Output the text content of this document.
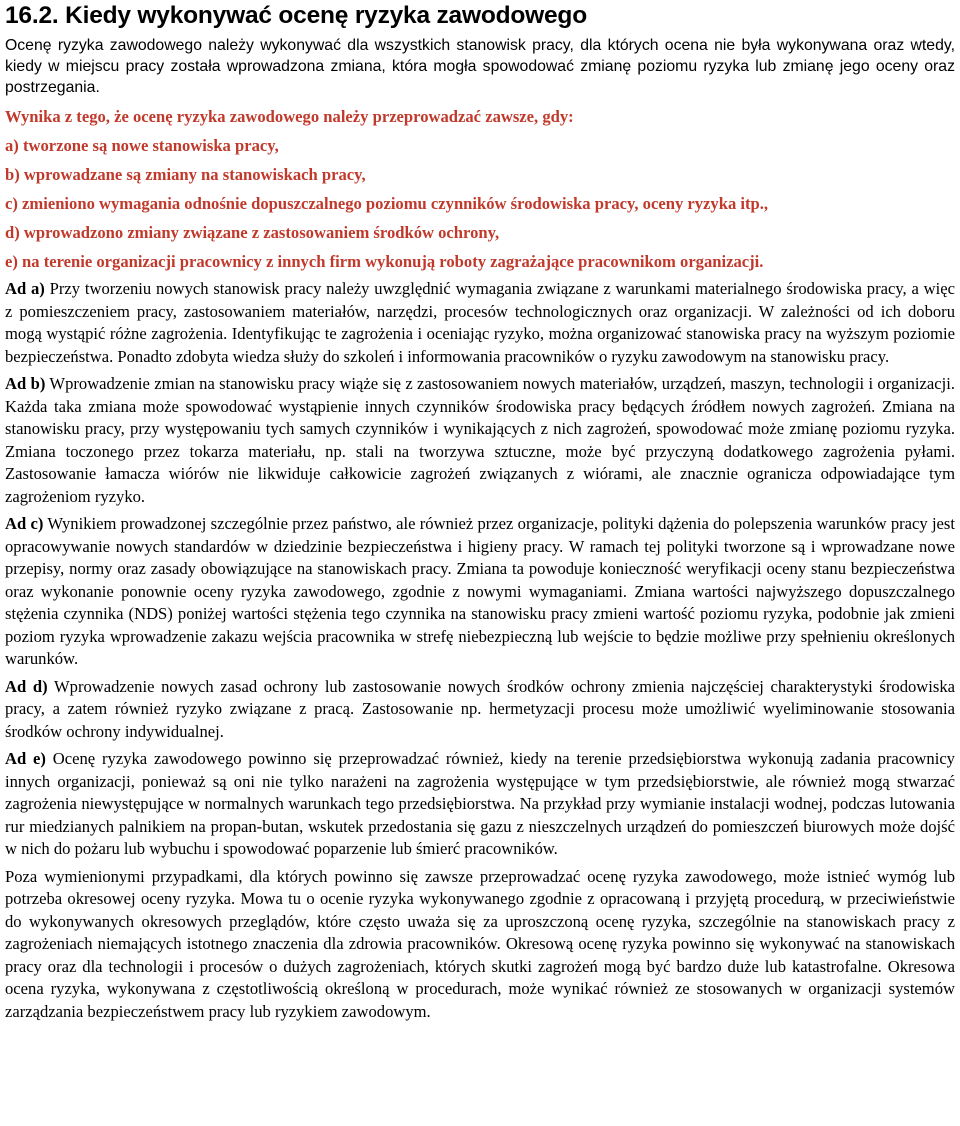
16.2. Kiedy wykonywać ocenę ryzyka zawodowego

Ocenę ryzyka zawodowego należy wykonywać dla wszystkich stanowisk pracy, dla których ocena nie była wykonywana oraz wtedy, kiedy w miejscu pracy została wprowadzona zmiana, która mogła spowodować zmianę poziomu ryzyka lub zmianę jego oceny oraz postrzegania.

Wynika z tego, że ocenę ryzyka zawodowego należy przeprowadzać zawsze, gdy:

a) tworzone są nowe stanowiska pracy,

b) wprowadzane są zmiany na stanowiskach pracy,

c) zmieniono wymagania odnośnie dopuszczalnego poziomu czynników środowiska pracy, oceny ryzyka itp.,

d) wprowadzono zmiany związane z zastosowaniem środków ochrony,

e) na terenie organizacji pracownicy z innych firm wykonują roboty zagrażające pracownikom organizacji.

Ad a) Przy tworzeniu nowych stanowisk pracy należy uwzględnić wymagania związane z warunkami materialnego środowiska pracy, a więc z pomieszczeniem pracy, zastosowaniem materiałów, narzędzi, procesów technologicznych oraz organizacji. W zależności od ich doboru mogą wystąpić różne zagrożenia. Identyfikując te zagrożenia i oceniając ryzyko, można organizować stanowiska pracy na wyższym poziomie bezpieczeństwa. Ponadto zdobyta wiedza służy do szkoleń i informowania pracowników o ryzyku zawodowym na stanowisku pracy.

Ad b) Wprowadzenie zmian na stanowisku pracy wiąże się z zastosowaniem nowych materiałów, urządzeń, maszyn, technologii i organizacji. Każda taka zmiana może spowodować wystąpienie innych czynników środowiska pracy będących źródłem nowych zagrożeń. Zmiana na stanowisku pracy, przy występowaniu tych samych czynników i wynikających z nich zagrożeń, spowodować może zmianę poziomu ryzyka. Zmiana toczonego przez tokarza materiału, np. stali na tworzywa sztuczne, może być przyczyną dodatkowego zagrożenia pyłami. Zastosowanie łamacza wiórów nie likwiduje całkowicie zagrożeń związanych z wiórami, ale znacznie ogranicza odpowiadające tym zagrożeniom ryzyko.

Ad c) Wynikiem prowadzonej szczególnie przez państwo, ale również przez organizacje, polityki dążenia do polepszenia warunków pracy jest opracowywanie nowych standardów w dziedzinie bezpieczeństwa i higieny pracy. W ramach tej polityki tworzone są i wprowadzane nowe przepisy, normy oraz zasady obowiązujące na stanowiskach pracy. Zmiana ta powoduje konieczność weryfikacji oceny stanu bezpieczeństwa oraz wykonanie ponownie oceny ryzyka zawodowego, zgodnie z nowymi wymaganiami. Zmiana wartości najwyższego dopuszczalnego stężenia czynnika (NDS) poniżej wartości stężenia tego czynnika na stanowisku pracy zmieni wartość poziomu ryzyka, podobnie jak zmieni poziom ryzyka wprowadzenie zakazu wejścia pracownika w strefę niebezpieczną lub wejście to będzie możliwe przy spełnieniu określonych warunków.

Ad d) Wprowadzenie nowych zasad ochrony lub zastosowanie nowych środków ochrony zmienia najczęściej charakterystyki środowiska pracy, a zatem również ryzyko związane z pracą. Zastosowanie np. hermetyzacji procesu może umożliwić wyeliminowanie stosowania środków ochrony indywidualnej.

Ad e) Ocenę ryzyka zawodowego powinno się przeprowadzać również, kiedy na terenie przedsiębiorstwa wykonują zadania pracownicy innych organizacji, ponieważ są oni nie tylko narażeni na zagrożenia występujące w tym przedsiębiorstwie, ale również mogą stwarzać zagrożenia niewystępujące w normalnych warunkach tego przedsiębiorstwa. Na przykład przy wymianie instalacji wodnej, podczas lutowania rur miedzianych palnikiem na propan-butan, wskutek przedostania się gazu z nieszczelnych urządzeń do pomieszczeń biurowych może dojść w nich do pożaru lub wybuchu i spowodować poparzenie lub śmierć pracowników.

Poza wymienionymi przypadkami, dla których powinno się zawsze przeprowadzać ocenę ryzyka zawodowego, może istnieć wymóg lub potrzeba okresowej oceny ryzyka. Mowa tu o ocenie ryzyka wykonywanego zgodnie z opracowaną i przyjętą procedurą, w przeciwieństwie do wykonywanych okresowych przeglądów, które często uważa się za uproszczoną ocenę ryzyka, szczególnie na stanowiskach pracy z zagrożeniach niemających istotnego znaczenia dla zdrowia pracowników. Okresową ocenę ryzyka powinno się wykonywać na stanowiskach pracy oraz dla technologii i procesów o dużych zagrożeniach, których skutki zagrożeń mogą być bardzo duże lub katastrofalne. Okresowa ocena ryzyka, wykonywana z częstotliwością określoną w procedurach, może wynikać również ze stosowanych w organizacji systemów zarządzania bezpieczeństwem pracy lub ryzykiem zawodowym.
